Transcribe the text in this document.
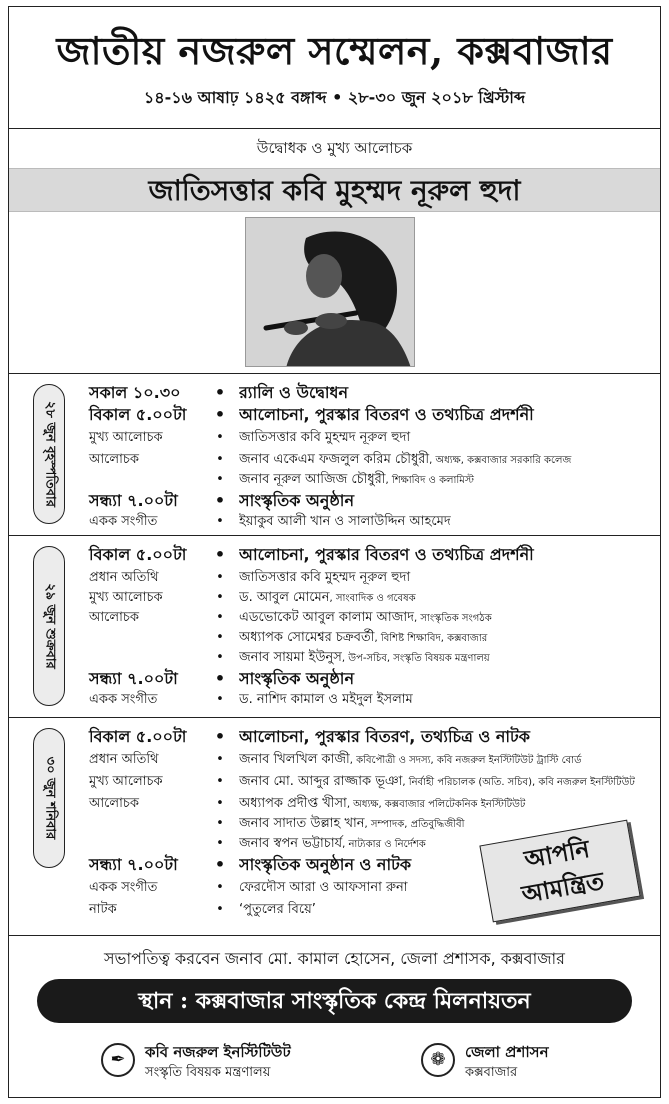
জাতীয় নজরুল সম্মেলন, কক্সবাজার
১৪-১৬ আষাঢ় ১৪২৫ বঙ্গাব্দ • ২৮-৩০ জুন ২০১৮ খ্রিস্টাব্দ
উদ্বোধক ও মুখ্য আলোচক
জাতিসত্তার কবি মুহম্মদ নূরুল হুদা
২৮ জুন বৃহস্পতিবার
সকাল ১০.৩০	• র‌্যালি ও উদ্বোধন
বিকাল ৫.০০টা	• আলোচনা, পুরস্কার বিতরণ ও তথ্যচিত্র প্রদর্শনী
মুখ্য আলোচক	• জাতিসত্তার কবি মুহম্মদ নূরুল হুদা
আলোচক	• জনাব একেএম ফজলুল করিম চৌধুরী, অধ্যক্ষ, কক্সবাজার সরকারি কলেজ
• জনাব নূরুল আজিজ চৌধুরী, শিক্ষাবিদ ও কলামিস্ট
সন্ধ্যা ৭.০০টা	• সাংস্কৃতিক অনুষ্ঠান
একক সংগীত	• ইয়াকুব আলী খান ও সালাউদ্দিন আহমেদ
২৯ জুন শুক্রবার
বিকাল ৫.০০টা	• আলোচনা, পুরস্কার বিতরণ ও তথ্যচিত্র প্রদর্শনী
প্রধান অতিথি	• জাতিসত্তার কবি মুহম্মদ নূরুল হুদা
মুখ্য আলোচক	• ড. আবুল মোমেন, সাংবাদিক ও গবেষক
আলোচক	• এডভোকেট আবুল কালাম আজাদ, সাংস্কৃতিক সংগঠক
• অধ্যাপক সোমেশ্বর চক্রবর্তী, বিশিষ্ট শিক্ষাবিদ, কক্সবাজার
• জনাব সায়মা ইউনুস, উপ-সচিব, সংস্কৃতি বিষয়ক মন্ত্রণালয়
সন্ধ্যা ৭.০০টা	• সাংস্কৃতিক অনুষ্ঠান
একক সংগীত	• ড. নাশিদ কামাল ও মইদুল ইসলাম
৩০ জুন শনিবার
বিকাল ৫.০০টা	• আলোচনা, পুরস্কার বিতরণ, তথ্যচিত্র ও নাটক
প্রধান অতিথি	• জনাব খিলখিল কাজী, কবিপৌত্রী ও সদস্য, কবি নজরুল ইনস্টিটিউট ট্রাস্টি বোর্ড
মুখ্য আলোচক	• জনাব মো. আব্দুর রাজ্জাক ভূঞা, নির্বাহী পরিচালক (অতি. সচিব), কবি নজরুল ইনস্টিটিউট
আলোচক	• অধ্যাপক প্রদীপ্ত খীসা, অধ্যক্ষ, কক্সবাজার পলিটেকনিক ইনস্টিটিউট
• জনাব সাদাত উল্লাহ খান, সম্পাদক, প্রতিবুদ্ধিজীবী
• জনাব স্বপন ভট্টাচার্য, নাট্যকার ও নির্দেশক
সন্ধ্যা ৭.০০টা	• সাংস্কৃতিক অনুষ্ঠান ও নাটক
একক সংগীত	• ফেরদৌস আরা ও আফসানা রুনা
নাটক	• ‘পুতুলের বিয়ে’
আপনি
আমন্ত্রিত
সভাপতিত্ব করবেন জনাব মো. কামাল হোসেন, জেলা প্রশাসক, কক্সবাজার
স্থান : কক্সবাজার সাংস্কৃতিক কেন্দ্র মিলনায়তন
✒	কবি নজরুল ইনস্টিটিউট
সংস্কৃতি বিষয়ক মন্ত্রণালয়
❁	জেলা প্রশাসন
কক্সবাজার
